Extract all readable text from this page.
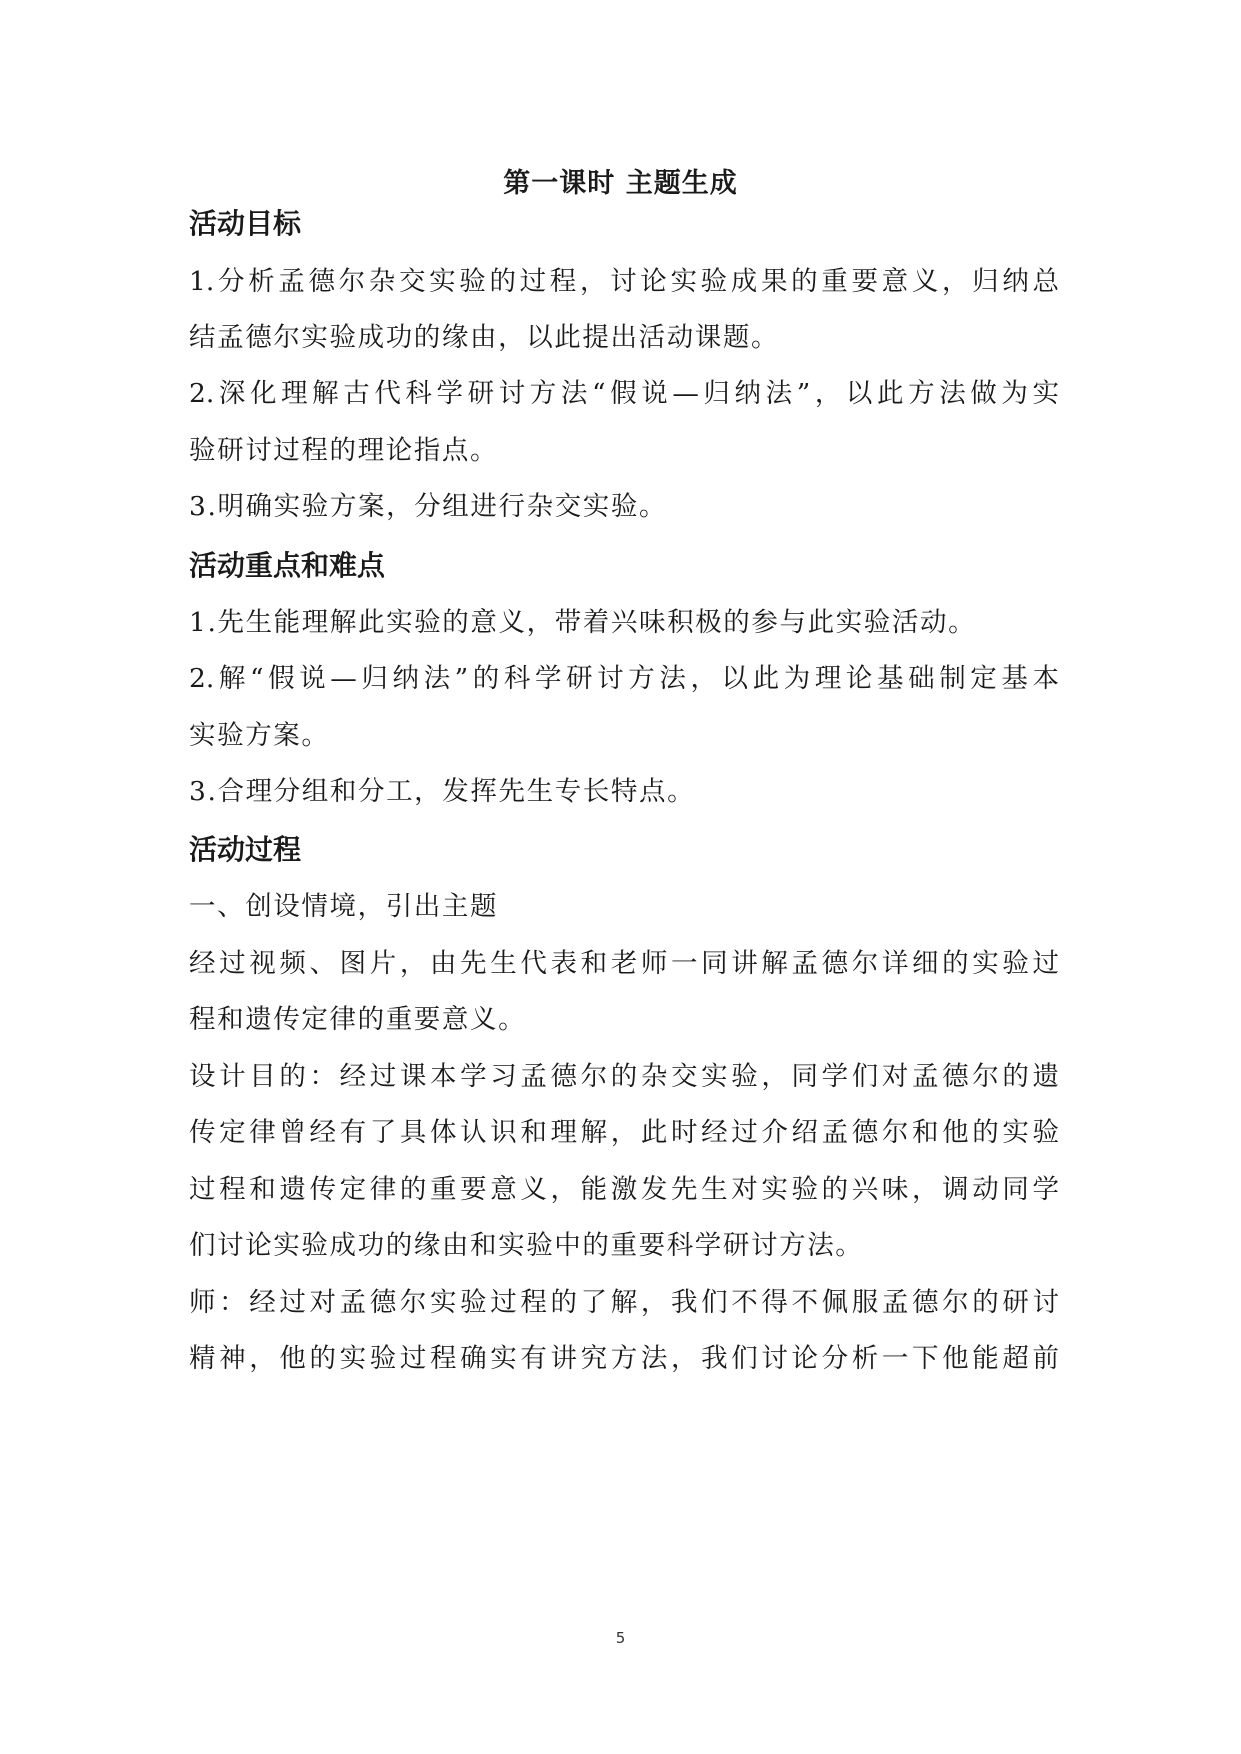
第一课时 主题生成
活动目标
1.分析孟德尔杂交实验的过程，讨论实验成果的重要意义，归纳总
结孟德尔实验成功的缘由，以此提出活动课题。
2.深化理解古代科学研讨方法“假说—归纳法”，以此方法做为实
验研讨过程的理论指点。
3.明确实验方案，分组进行杂交实验。
活动重点和难点
1.先生能理解此实验的意义，带着兴味积极的参与此实验活动。
2.解“假说—归纳法”的科学研讨方法，以此为理论基础制定基本
实验方案。
3.合理分组和分工，发挥先生专长特点。
活动过程
一、创设情境，引出主题
经过视频、图片，由先生代表和老师一同讲解孟德尔详细的实验过
程和遗传定律的重要意义。
设计目的：经过课本学习孟德尔的杂交实验，同学们对孟德尔的遗
传定律曾经有了具体认识和理解，此时经过介绍孟德尔和他的实验
过程和遗传定律的重要意义，能激发先生对实验的兴味，调动同学
们讨论实验成功的缘由和实验中的重要科学研讨方法。
师：经过对孟德尔实验过程的了解，我们不得不佩服孟德尔的研讨
精神，他的实验过程确实有讲究方法，我们讨论分析一下他能超前
5
